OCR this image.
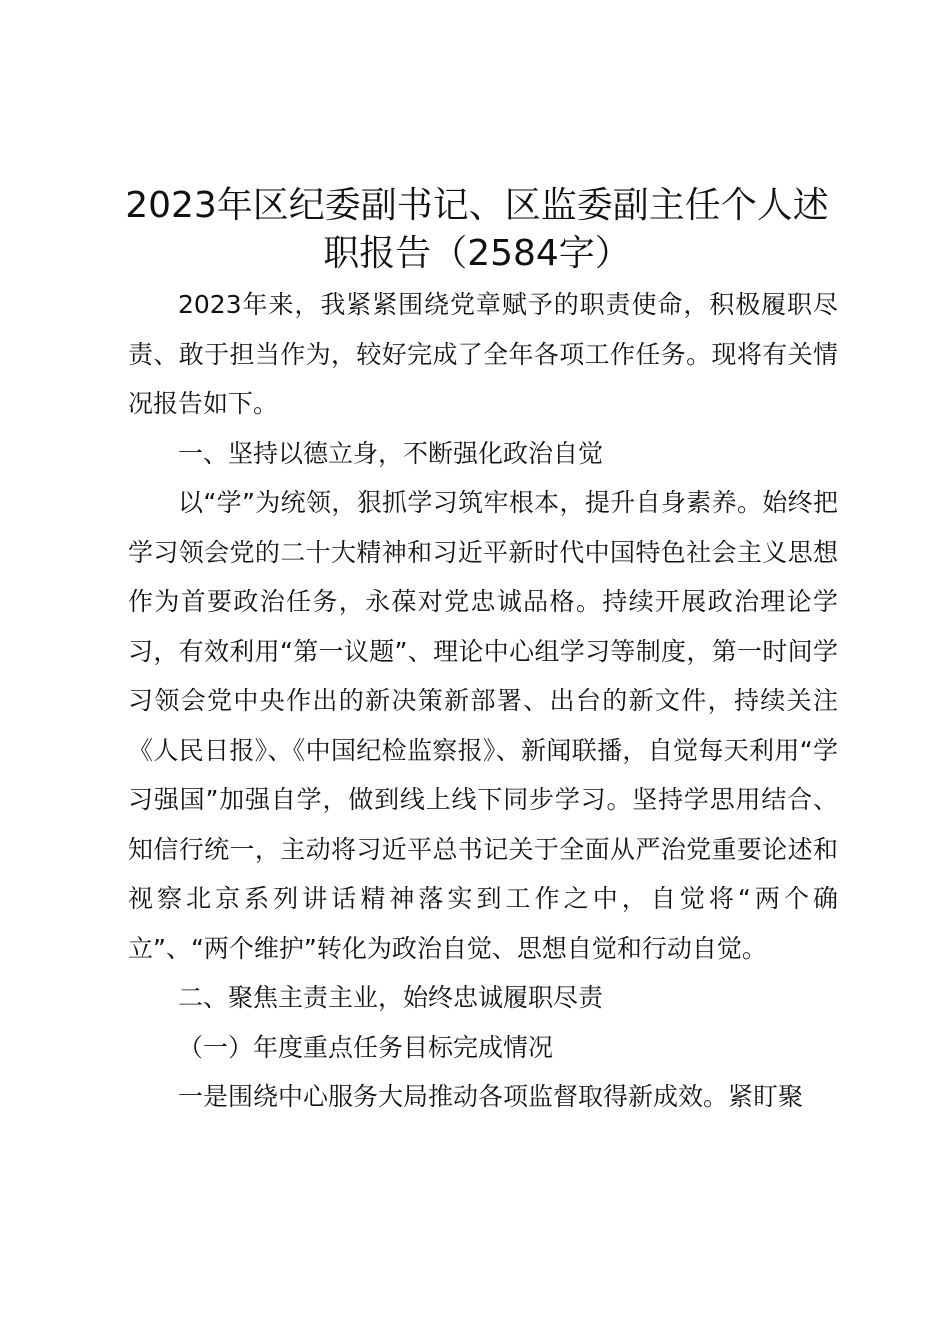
2023年区纪委副书记、区监委副主任个人述职报告（2584字）

2023年来，我紧紧围绕党章赋予的职责使命，积极履职尽责、敢于担当作为，较好完成了全年各项工作任务。现将有关情况报告如下。

一、坚持以德立身，不断强化政治自觉

以“学”为统领，狠抓学习筑牢根本，提升自身素养。始终把学习领会党的二十大精神和习近平新时代中国特色社会主义思想作为首要政治任务，永葆对党忠诚品格。持续开展政治理论学习，有效利用“第一议题”、理论中心组学习等制度，第一时间学习领会党中央作出的新决策新部署、出台的新文件，持续关注《人民日报》、《中国纪检监察报》、新闻联播，自觉每天利用“学习强国”加强自学，做到线上线下同步学习。坚持学思用结合、知信行统一，主动将习近平总书记关于全面从严治党重要论述和视察北京系列讲话精神落实到工作之中，自觉将“两个确立”、“两个维护”转化为政治自觉、思想自觉和行动自觉。

二、聚焦主责主业，始终忠诚履职尽责

（一）年度重点任务目标完成情况

一是围绕中心服务大局推动各项监督取得新成效。紧盯聚
